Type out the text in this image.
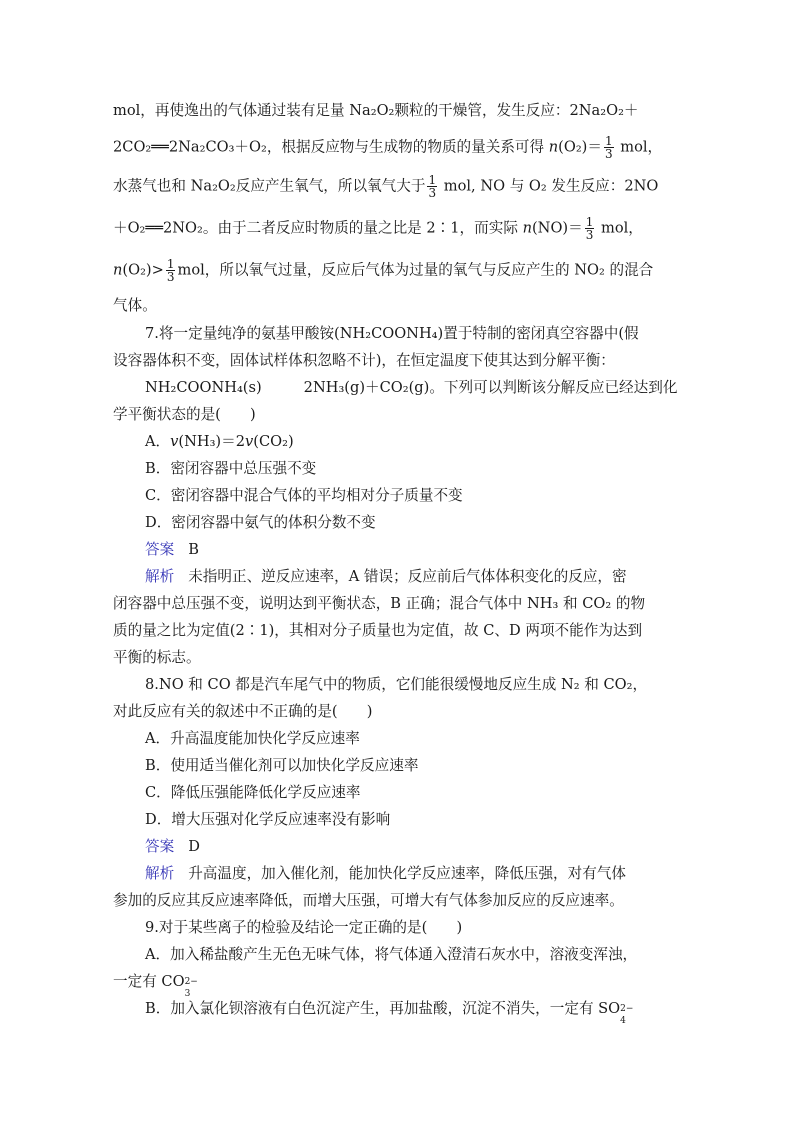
mol，再使逸出的气体通过装有足量 Na₂O₂颗粒的干燥管，发生反应：2Na₂O₂＋
2CO₂══2Na₂CO₃＋O₂，根据反应物与生成物的物质的量关系可得 $n(O_2)= \frac{1}{3}$ mol，
水蒸气也和 Na₂O₂反应产生氧气，所以氧气大于 $\frac{1}{3}$ mol, NO 与 O₂ 发生反应：2NO
＋O₂══2NO₂。由于二者反应时物质的量之比是 2∶1，而实际 $n(NO)= \frac{1}{3}$ mol，
$n(O_2)> \frac{1}{3}$ mol，所以氧气过量，反应后气体为过量的氧气与反应产生的 NO₂ 的混合
气体。
7.将一定量纯净的氨基甲酸铵(NH₂COONH₄)置于特制的密闭真空容器中(假
设容器体积不变，固体试样体积忽略不计)，在恒定温度下使其达到分解平衡：
NH₂COONH₄(s)	2NH₃(g)＋CO₂(g)。下列可以判断该分解反应已经达到化
学平衡状态的是(　　)
A．v(NH₃)＝2v(CO₂)
B．密闭容器中总压强不变
C．密闭容器中混合气体的平均相对分子质量不变
D．密闭容器中氨气的体积分数不变
答案 B
解析 未指明正、逆反应速率，A 错误；反应前后气体体积变化的反应，密
闭容器中总压强不变，说明达到平衡状态，B 正确；混合气体中 NH₃ 和 CO₂ 的物
质的量之比为定值(2∶1)，其相对分子质量也为定值，故 C、D 两项不能作为达到
平衡的标志。
8.NO 和 CO 都是汽车尾气中的物质，它们能很缓慢地反应生成 N₂ 和 CO₂，
对此反应有关的叙述中不正确的是(　　)
A．升高温度能加快化学反应速率
B．使用适当催化剂可以加快化学反应速率
C．降低压强能降低化学反应速率
D．增大压强对化学反应速率没有影响
答案 D
解析 升高温度，加入催化剂，能加快化学反应速率，降低压强，对有气体
参加的反应其反应速率降低，而增大压强，可增大有气体参加反应的反应速率。
9.对于某些离子的检验及结论一定正确的是(　　)
A．加入稀盐酸产生无色无味气体，将气体通入澄清石灰水中，溶液变浑浊，
一定有 CO 2−
3
B．加入氯化钡溶液有白色沉淀产生，再加盐酸，沉淀不消失，一定有 SO 2−
4
